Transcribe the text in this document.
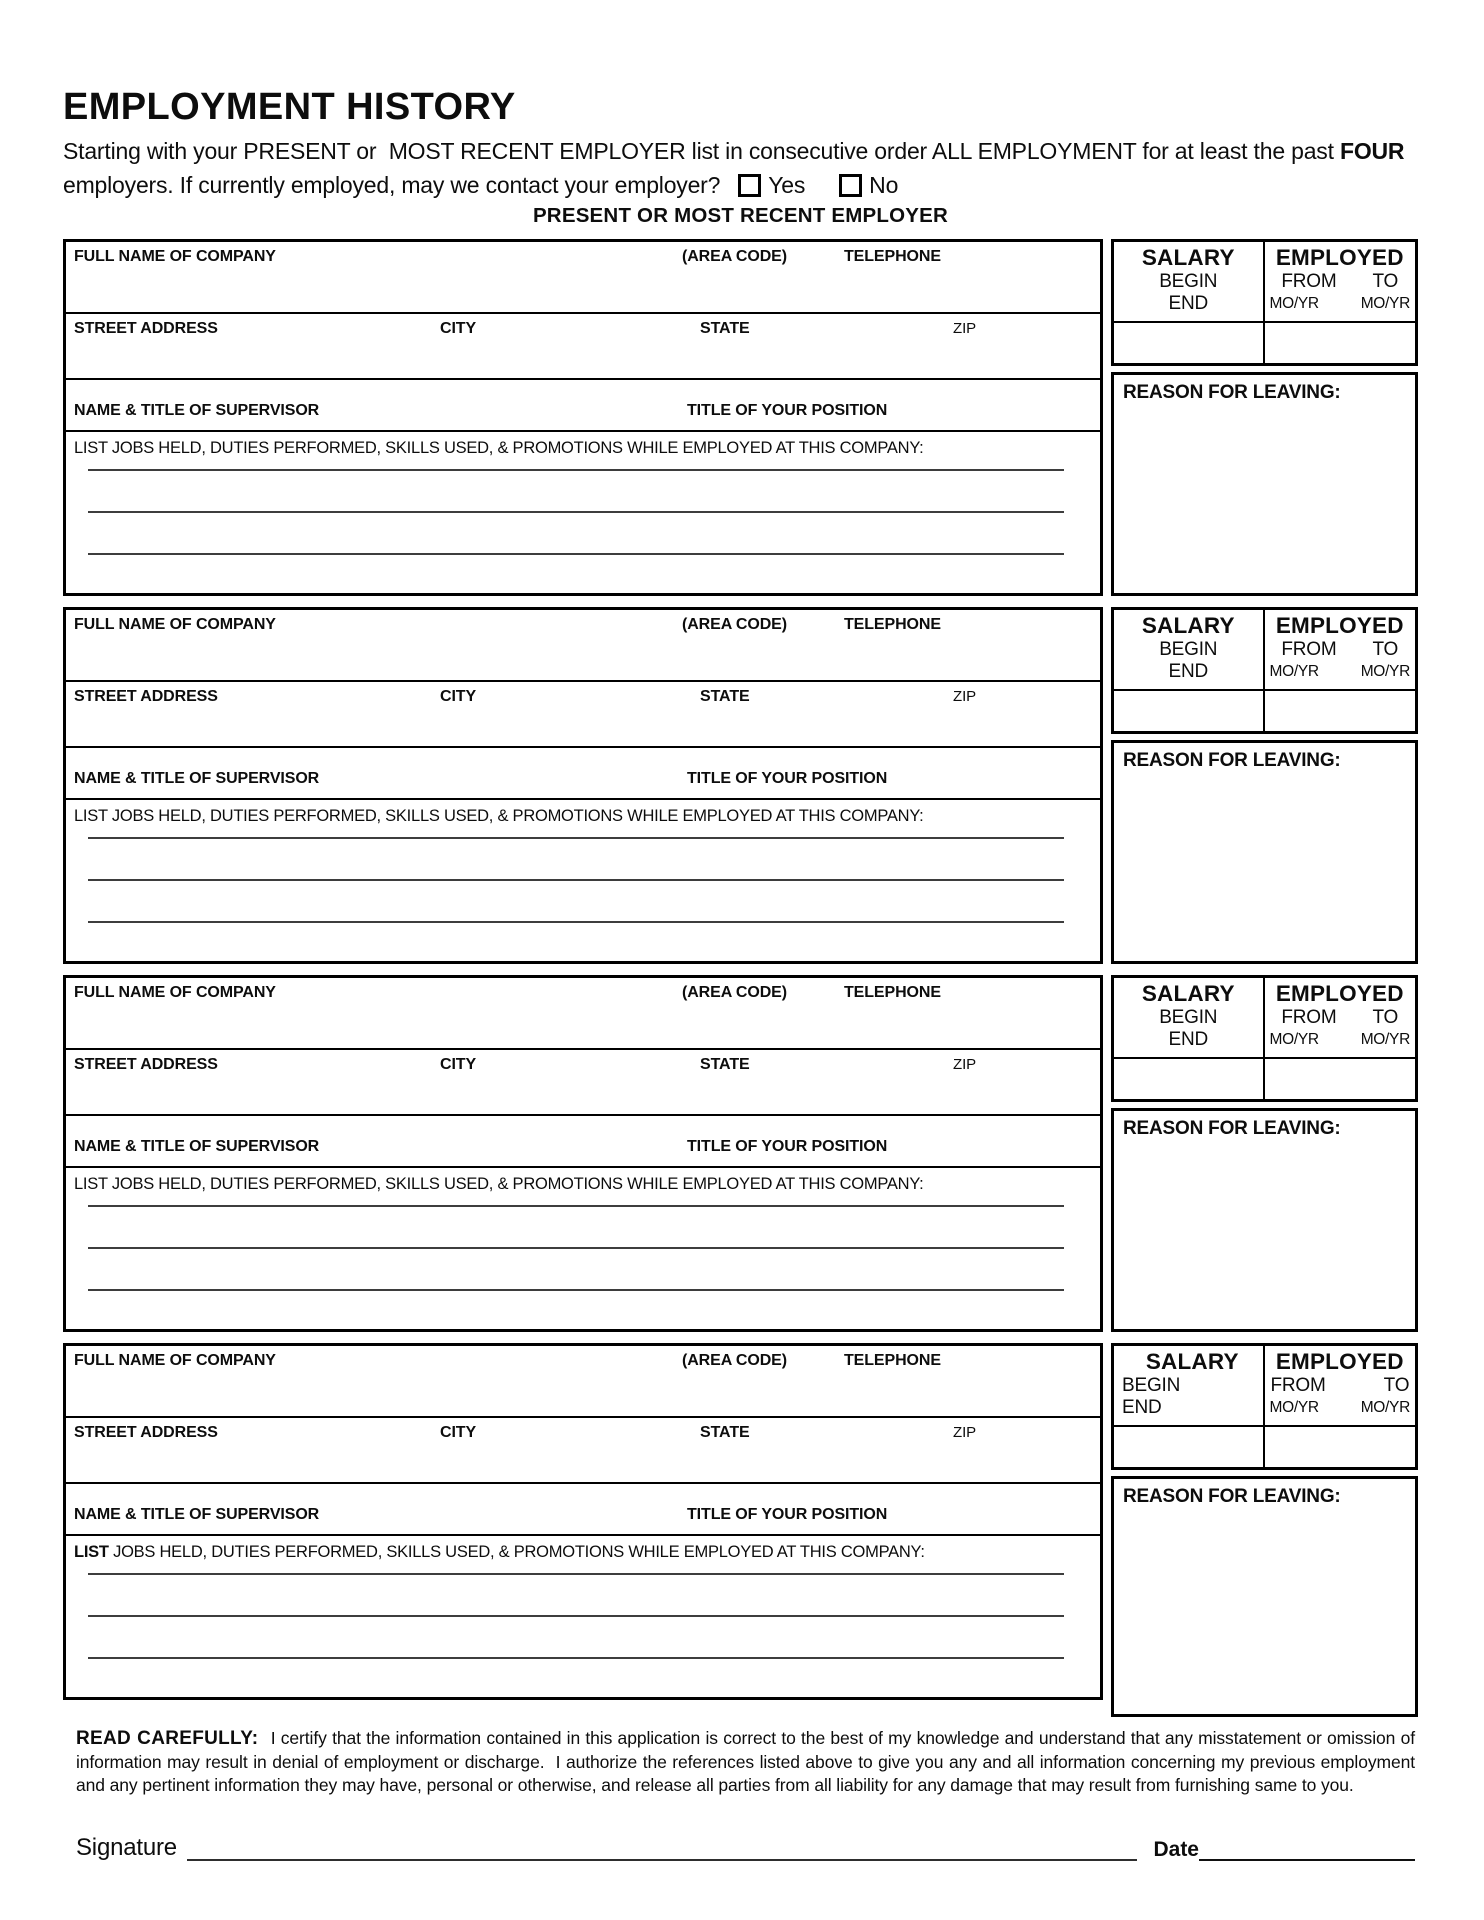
EMPLOYMENT HISTORY
Starting with your PRESENT or  MOST RECENT EMPLOYER list in consecutive order ALL EMPLOYMENT for at least the past FOUR
employers. If currently employed, may we contact your employer? Yes	No
PRESENT OR MOST RECENT EMPLOYER
FULL NAME OF COMPANY	(AREA CODE)	TELEPHONE
STREET ADDRESS	CITY	STATE	ZIP
NAME & TITLE OF SUPERVISOR	TITLE OF YOUR POSITION
LIST JOBS HELD, DUTIES PERFORMED, SKILLS USED, & PROMOTIONS WHILE EMPLOYED AT THIS COMPANY:
SALARY
BEGIN
END
EMPLOYED
FROM TO
MO/YR	MO/YR
REASON FOR LEAVING:
FULL NAME OF COMPANY	(AREA CODE)	TELEPHONE
STREET ADDRESS	CITY	STATE	ZIP
NAME & TITLE OF SUPERVISOR	TITLE OF YOUR POSITION
LIST JOBS HELD, DUTIES PERFORMED, SKILLS USED, & PROMOTIONS WHILE EMPLOYED AT THIS COMPANY:
SALARY
BEGIN
END
EMPLOYED
FROM TO
MO/YR	MO/YR
REASON FOR LEAVING:
FULL NAME OF COMPANY	(AREA CODE)	TELEPHONE
STREET ADDRESS	CITY	STATE	ZIP
NAME & TITLE OF SUPERVISOR	TITLE OF YOUR POSITION
LIST JOBS HELD, DUTIES PERFORMED, SKILLS USED, & PROMOTIONS WHILE EMPLOYED AT THIS COMPANY:
SALARY
BEGIN
END
EMPLOYED
FROM TO
MO/YR	MO/YR
REASON FOR LEAVING:
FULL NAME OF COMPANY	(AREA CODE)	TELEPHONE
STREET ADDRESS	CITY	STATE	ZIP
NAME & TITLE OF SUPERVISOR	TITLE OF YOUR POSITION
LIST JOBS HELD, DUTIES PERFORMED, SKILLS USED, & PROMOTIONS WHILE EMPLOYED AT THIS COMPANY:
SALARY
BEGIN
END
EMPLOYED
FROM	TO
MO/YR	MO/YR
REASON FOR LEAVING:

READ CAREFULLY:  I certify that the information contained in this application is correct to the best of my knowledge and understand that any misstatement or omission of information may result in denial of employment or discharge.  I authorize the references listed above to give you any and all information concerning my previous employment  and any pertinent information they may have, personal or otherwise, and release all parties from all liability for any damage that may result from furnishing same to you.

Signature	Date
